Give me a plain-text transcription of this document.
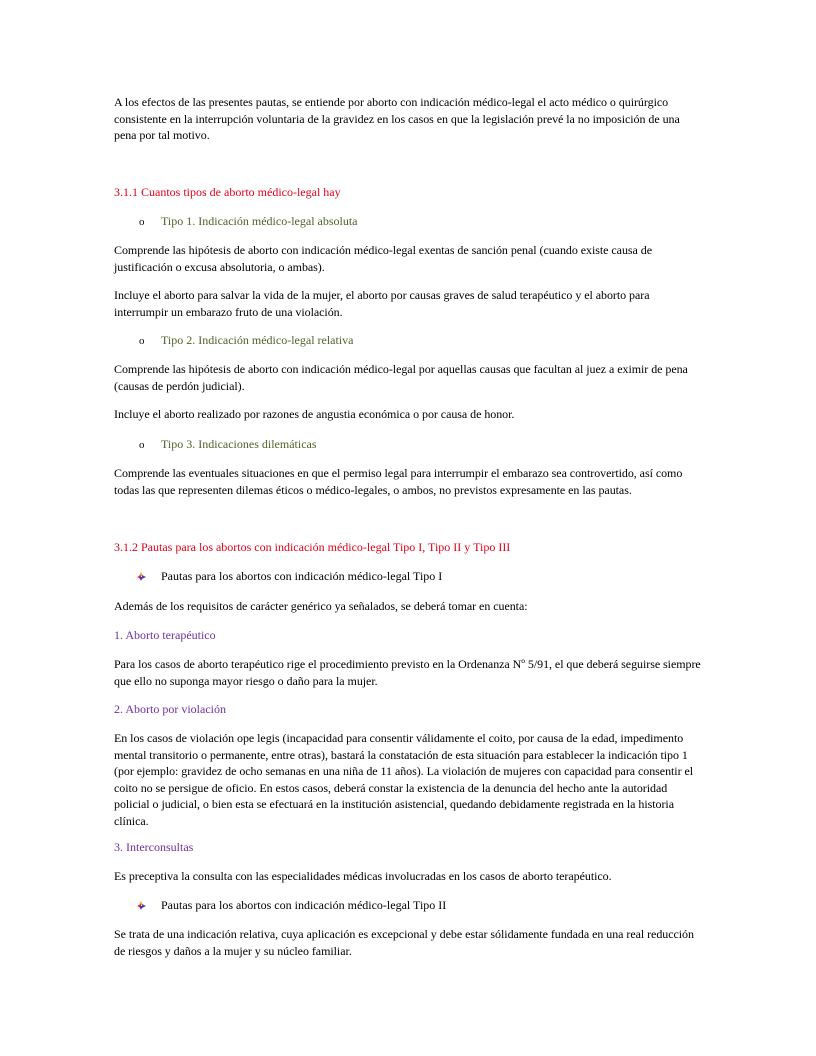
A los efectos de las presentes pautas, se entiende por aborto con indicación médico-legal el acto médico o quirúrgico consistente en la interrupción voluntaria de la gravidez en los casos en que la legislación prevé la no imposición de una pena por tal motivo.

3.1.1 Cuantos tipos de aborto médico-legal hay
o Tipo 1. Indicación médico-legal absoluta

Comprende las hipótesis de aborto con indicación médico-legal exentas de sanción penal (cuando existe causa de justificación o excusa absolutoria, o ambas).

Incluye el aborto para salvar la vida de la mujer, el aborto por causas graves de salud terapéutico y el aborto para interrumpir un embarazo fruto de una violación.

o Tipo 2. Indicación médico-legal relativa

Comprende las hipótesis de aborto con indicación médico-legal por aquellas causas que facultan al juez a eximir de pena (causas de perdón judicial).

Incluye el aborto realizado por razones de angustia económica o por causa de honor.

o Tipo 3. Indicaciones dilemáticas

Comprende las eventuales situaciones en que el permiso legal para interrumpir el embarazo sea controvertido, así como todas las que representen dilemas éticos o médico-legales, o ambos, no previstos expresamente en las pautas.

3.1.2 Pautas para los abortos con indicación médico-legal Tipo I, Tipo II y Tipo III
Pautas para los abortos con indicación médico-legal Tipo I

Además de los requisitos de carácter genérico ya señalados, se deberá tomar en cuenta:

1. Aborto terapéutico

Para los casos de aborto terapéutico rige el procedimiento previsto en la Ordenanza Nº 5/91, el que deberá seguirse siempre que ello no suponga mayor riesgo o daño para la mujer.

2. Aborto por violación

En los casos de violación ope legis (incapacidad para consentir válidamente el coito, por causa de la edad, impedimento mental transitorio o permanente, entre otras), bastará la constatación de esta situación para establecer la indicación tipo 1 (por ejemplo: gravidez de ocho semanas en una niña de 11 años). La violación de mujeres con capacidad para consentir el coito no se persigue de oficio. En estos casos, deberá constar la existencia de la denuncia del hecho ante la autoridad policial o judicial, o bien esta se efectuará en la institución asistencial, quedando debidamente registrada en la historia clínica.

3. Interconsultas

Es preceptiva la consulta con las especialidades médicas involucradas en los casos de aborto terapéutico.

Pautas para los abortos con indicación médico-legal Tipo II

Se trata de una indicación relativa, cuya aplicación es excepcional y debe estar sólidamente fundada en una real reducción de riesgos y daños a la mujer y su núcleo familiar.
